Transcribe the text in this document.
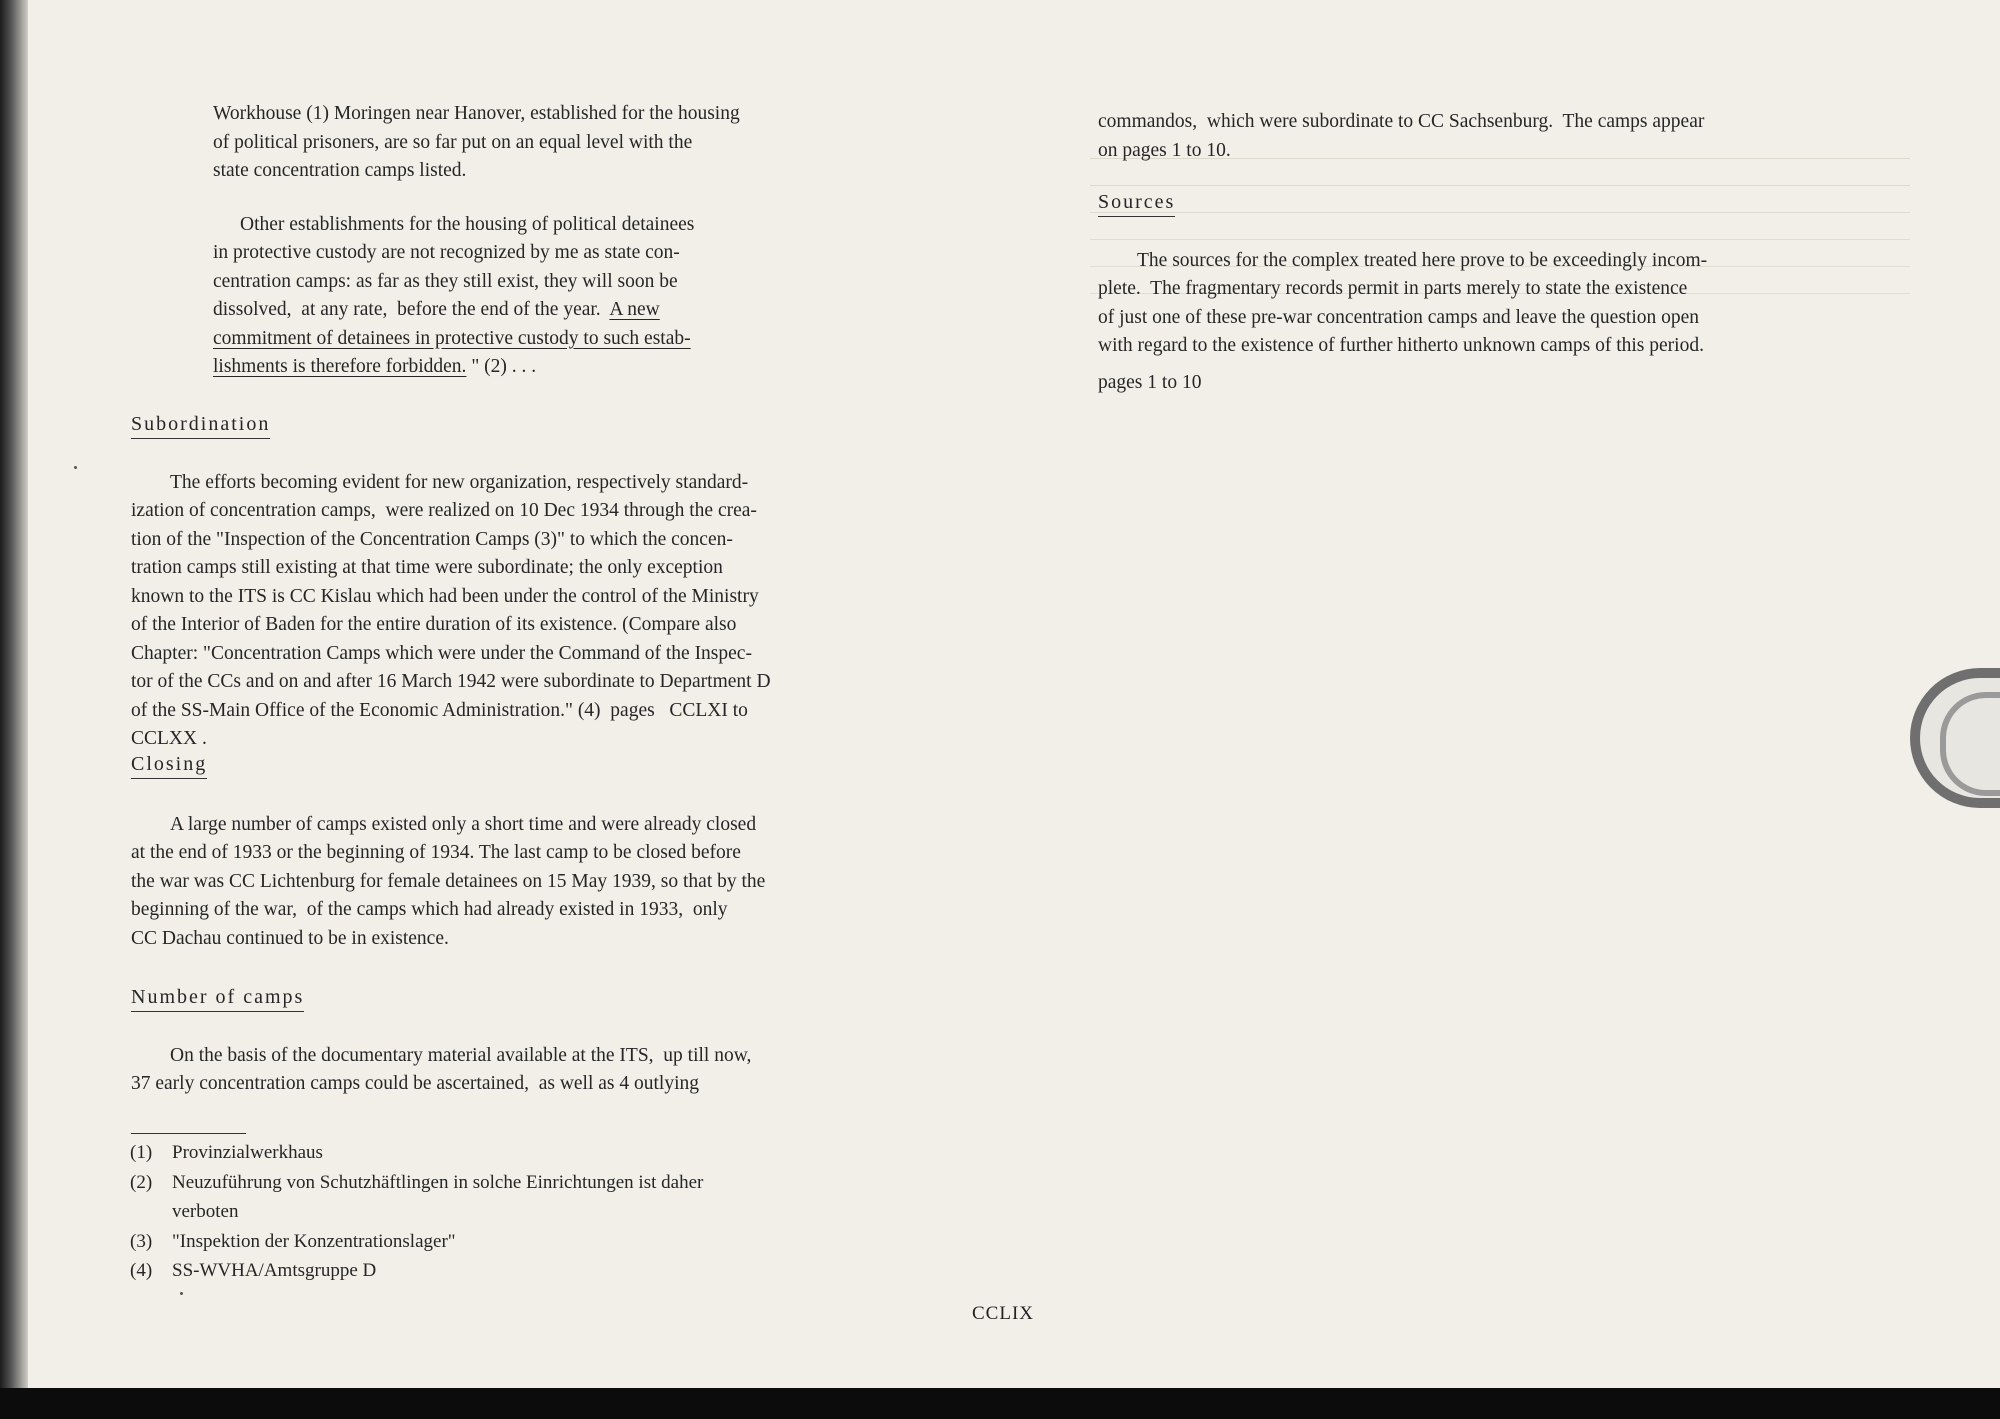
Workhouse (1) Moringen near Hanover, established for the housing
of political prisoners, are so far put on an equal level with the
state concentration camps listed.
Other establishments for the housing of political detainees
in protective custody are not recognized by me as state con-
centration camps: as far as they still exist, they will soon be
dissolved,  at any rate,  before the end of the year.  A new
commitment of detainees in protective custody to such estab-
lishments is therefore forbidden. " (2) . . .
Subordination
The efforts becoming evident for new organization, respectively standard-
ization of concentration camps,  were realized on 10 Dec 1934 through the crea-
tion of the "Inspection of the Concentration Camps (3)" to which the concen-
tration camps still existing at that time were subordinate; the only exception
known to the ITS is CC Kislau which had been under the control of the Ministry
of the Interior of Baden for the entire duration of its existence. (Compare also
Chapter: "Concentration Camps which were under the Command of the Inspec-
tor of the CCs and on and after 16 March 1942 were subordinate to Department D
of the SS-Main Office of the Economic Administration." (4)  pages   CCLXI to
CCLXX .
Closing
A large number of camps existed only a short time and were already closed
at the end of 1933 or the beginning of 1934. The last camp to be closed before
the war was CC Lichtenburg for female detainees on 15 May 1939, so that by the
beginning of the war,  of the camps which had already existed in 1933,  only
CC Dachau continued to be in existence.
Number of camps
On the basis of the documentary material available at the ITS,  up till now,
37 early concentration camps could be ascertained,  as well as 4 outlying
(1) Provinzialwerkhaus
(2) Neuzuführung von Schutzhäftlingen in solche Einrichtungen ist daher
verboten
(3) "Inspektion der Konzentrationslager"
(4) SS-WVHA/Amtsgruppe D
commandos,  which were subordinate to CC Sachsenburg.  The camps appear
on pages 1 to 10.
Sources
The sources for the complex treated here prove to be exceedingly incom-
plete.  The fragmentary records permit in parts merely to state the existence
of just one of these pre-war concentration camps and leave the question open
with regard to the existence of further hitherto unknown camps of this period.
pages 1 to 10
CCLIX
